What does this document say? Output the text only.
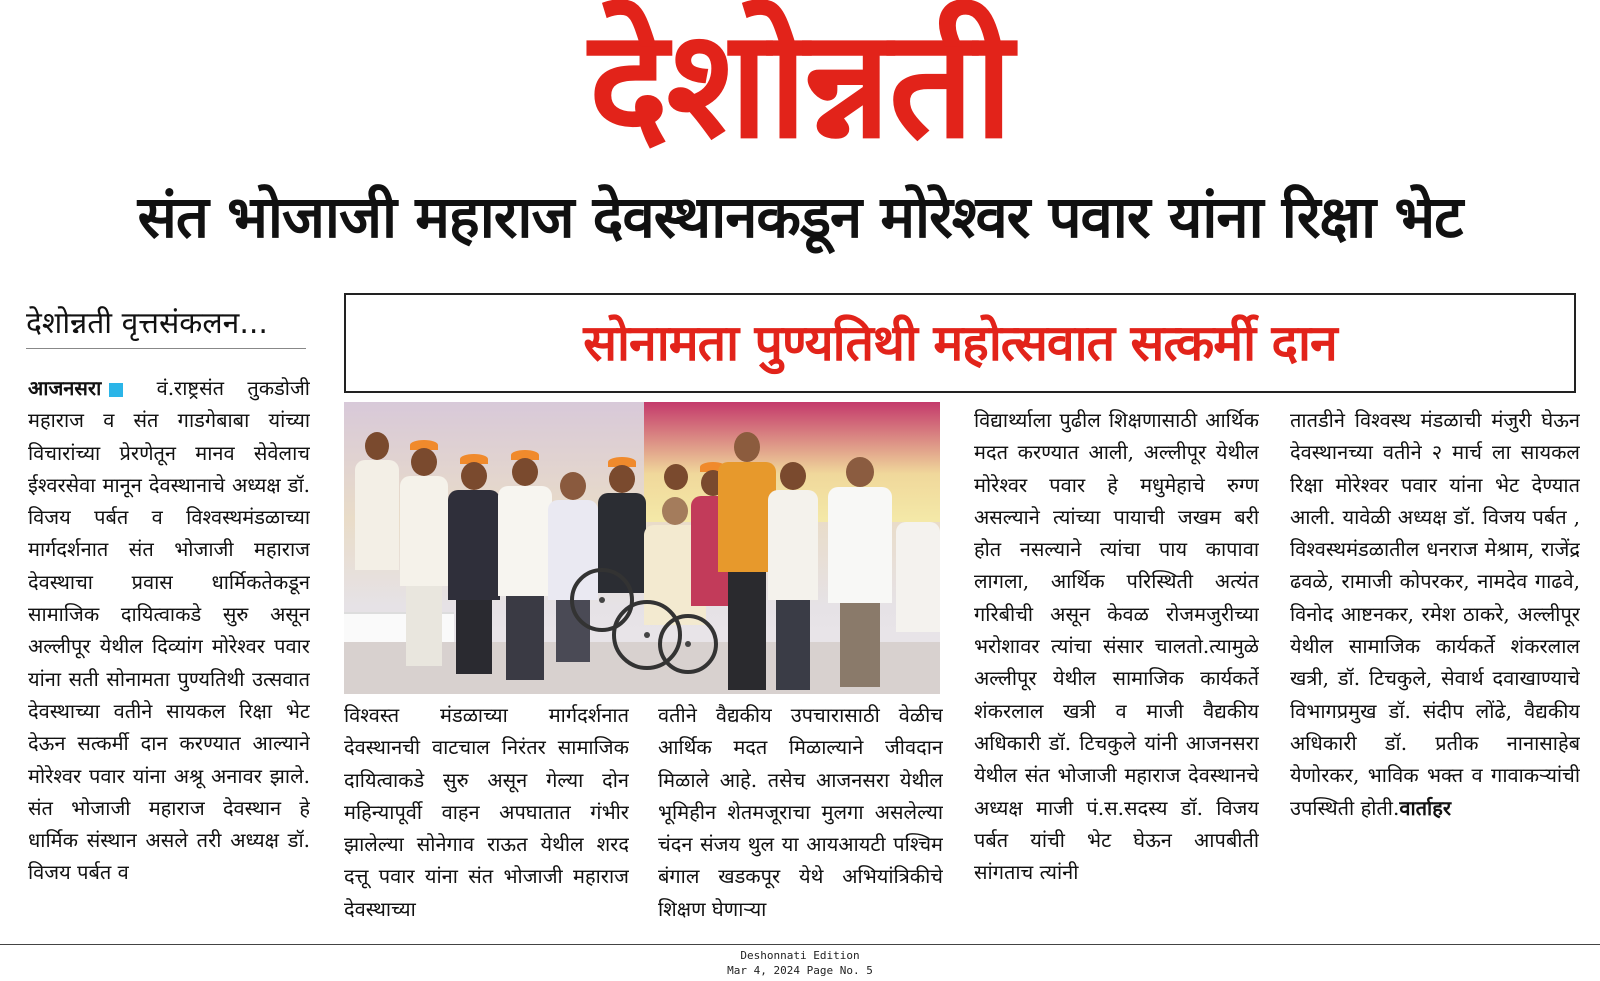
देशोन्नती
संत भोजाजी महाराज देवस्थानकडून मोरेश्वर पवार यांना रिक्षा भेट
देशोन्नती वृत्तसंकलन...	सोनामता पुण्यतिथी महोत्सवात सत्कर्मी दान
आजनसरा	वं.राष्ट्रसंत तुकडोजी महाराज व संत गाडगेबाबा यांच्या विचारांच्या प्रेरणेतून मानव सेवेलाच ईश्वरसेवा मानून देवस्थानाचे अध्यक्ष डॉ. विजय पर्बत व विश्वस्थमंडळाच्या मार्गदर्शनात संत भोजाजी महाराज देवस्थाचा प्रवास धार्मिकतेकडून सामाजिक दायित्वाकडे सुरु असून अल्लीपूर येथील दिव्यांग मोरेश्वर पवार यांना सती सोनामता पुण्यतिथी उत्सवात देवस्थाच्या वतीने सायकल रिक्षा भेट देऊन सत्कर्मी दान करण्यात आल्याने मोरेश्वर पवार यांना अश्रू अनावर झाले. संत भोजाजी महाराज देवस्थान हे धार्मिक संस्थान असले तरी अध्यक्ष डॉ. विजय पर्बत व
विश्वस्त मंडळाच्या मार्गदर्शनात देवस्थानची वाटचाल निरंतर सामाजिक दायित्वाकडे सुरु असून गेल्या दोन महिन्यापूर्वी वाहन अपघातात गंभीर झालेल्या सोनेगाव राऊत येथील शरद दत्तू पवार यांना संत भोजाजी महाराज देवस्थाच्या
वतीने वैद्यकीय उपचारासाठी वेळीच आर्थिक मदत मिळाल्याने जीवदान मिळाले आहे. तसेच आजनसरा येथील भूमिहीन शेतमजूराचा मुलगा असलेल्या चंदन संजय थुल या आयआयटी पश्चिम बंगाल खडकपूर येथे अभियांत्रिकीचे शिक्षण घेणाऱ्या
विद्यार्थ्याला पुढील शिक्षणासाठी आर्थिक मदत करण्यात आली, अल्लीपूर येथील मोरेश्वर पवार हे मधुमेहाचे रुग्ण असल्याने त्यांच्या पायाची जखम बरी होत नसल्याने त्यांचा पाय कापावा लागला, आर्थिक परिस्थिती अत्यंत गरिबीची असून केवळ रोजमजुरीच्या भरोशावर त्यांचा संसार चालतो.त्यामुळे अल्लीपूर येथील सामाजिक कार्यकर्ते शंकरलाल खत्री व माजी वैद्यकीय अधिकारी डॉ. टिचकुले यांनी आजनसरा येथील संत भोजाजी महाराज देवस्थानचे अध्यक्ष माजी पं.स.सदस्य डॉ. विजय पर्बत यांची भेट घेऊन आपबीती सांगताच त्यांनी
तातडीने विश्वस्थ मंडळाची मंजुरी घेऊन देवस्थानच्या वतीने २ मार्च ला सायकल रिक्षा मोरेश्वर पवार यांना भेट देण्यात आली. यावेळी अध्यक्ष डॉ. विजय पर्बत , विश्वस्थमंडळातील धनराज मेश्राम, राजेंद्र ढवळे, रामाजी कोपरकर, नामदेव गाढवे, विनोद आष्टनकर, रमेश ठाकरे, अल्लीपूर येथील सामाजिक कार्यकर्ते शंकरलाल खत्री, डॉ. टिचकुले, सेवार्थ दवाखाण्याचे विभागप्रमुख डॉ. संदीप लोंढे, वैद्यकीय अधिकारी डॉ. प्रतीक नानासाहेब येणोरकर, भाविक भक्त व गावाकऱ्यांची उपस्थिती होती.वार्ताहर
Deshonnati Edition
Mar 4, 2024 Page No. 5
